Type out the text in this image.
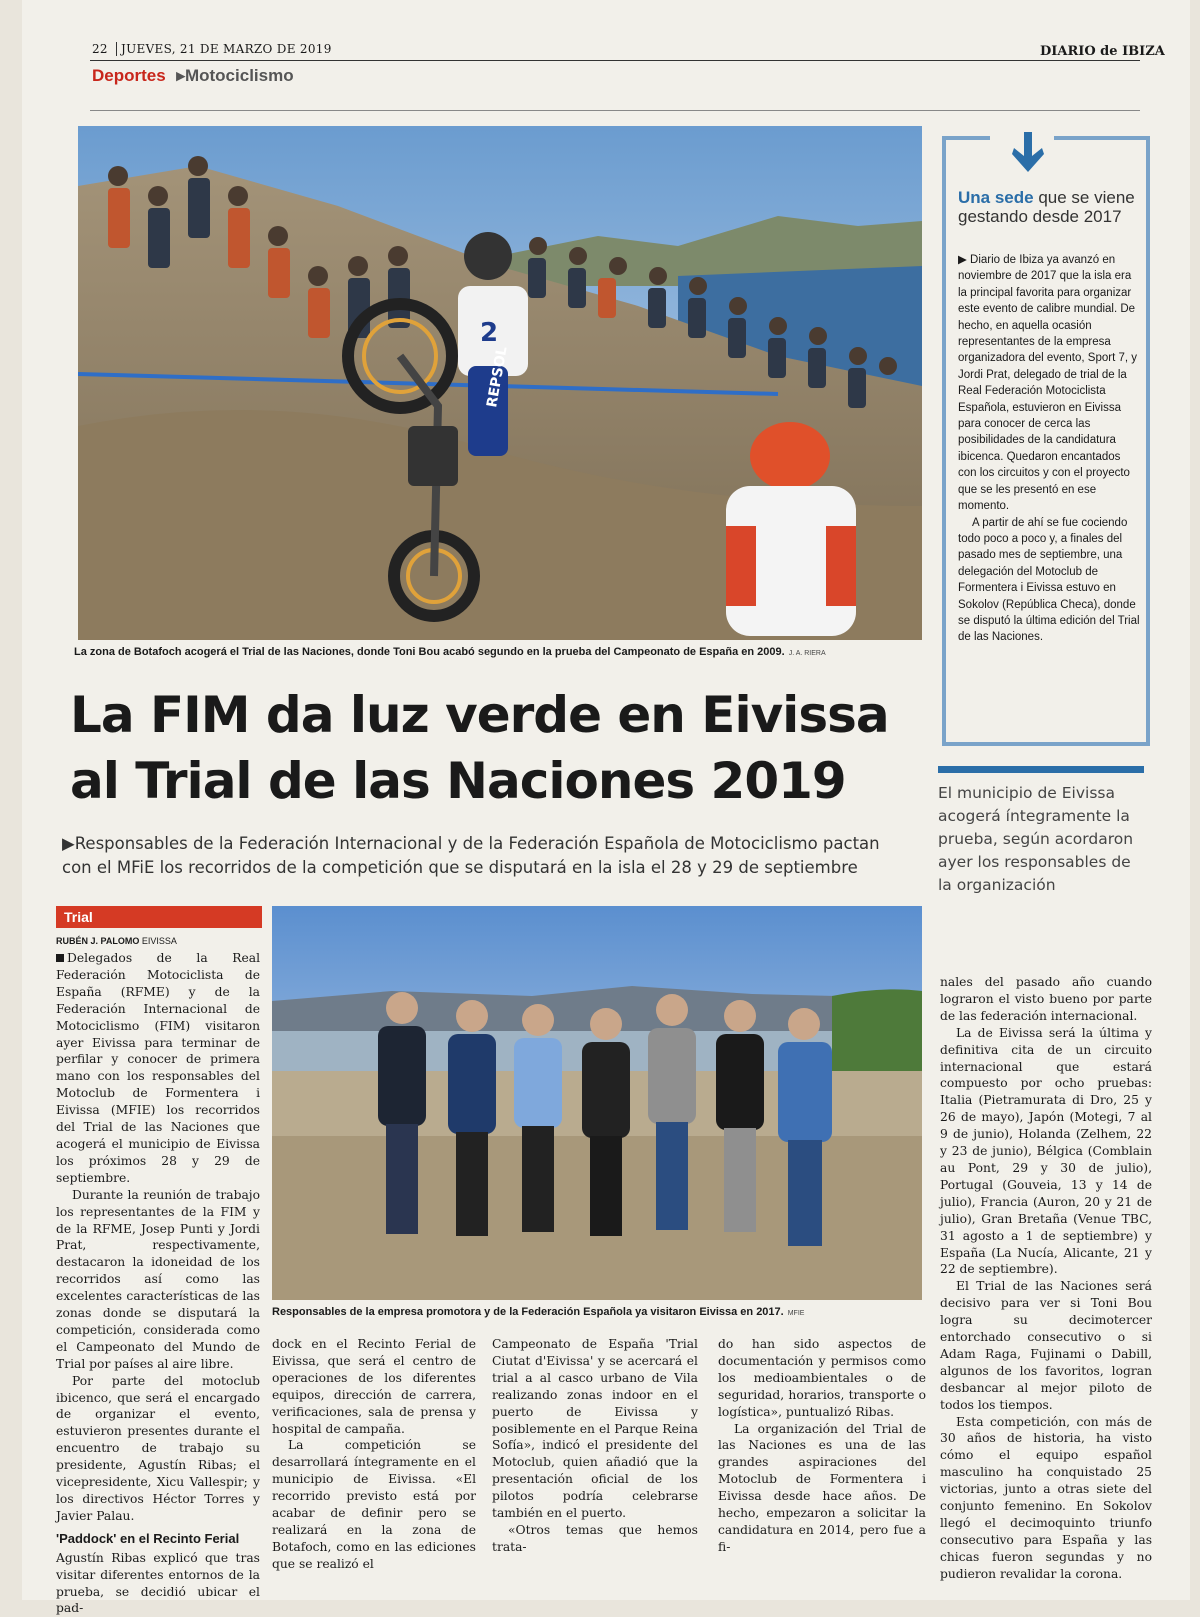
22 JUEVES, 21 DE MARZO DE 2019	DIARIO de IBIZA
Deportes ▸Motociclismo
2
REPSOL
La zona de Botafoch acogerá el Trial de las Naciones, donde Toni Bou acabó segundo en la prueba del Campeonato de España en 2009. J. A. RIERA
Una sede que se viene gestando desde 2017

▶ Diario de Ibiza ya avanzó en noviembre de 2017 que la isla era la principal favorita para organizar este evento de calibre mundial. De hecho, en aquella ocasión representantes de la empresa organizadora del evento, Sport 7, y Jordi Prat, delegado de trial de la Real Federación Motociclista Española, estuvieron en Eivissa para conocer de cerca las posibilidades de la candidatura ibicenca. Quedaron encantados con los circuitos y con el proyecto que se les presentó en ese momento.

A partir de ahí se fue cociendo todo poco a poco y, a finales del pasado mes de septiembre, una delegación del Motoclub de Formentera i Eivissa estuvo en Sokolov (República Checa), donde se disputó la última edición del Trial de las Naciones.

La FIM da luz verde en Eivissa al Trial de las Naciones 2019
▶Responsables de la Federación Internacional y de la Federación Española de Motociclismo pactan con el MFiE los recorridos de la competición que se disputará en la isla el 28 y 29 de septiembre
El municipio de Eivissa acogerá íntegramente la prueba, según acordaron ayer los responsables de la organización
Trial
RUBÉN J. PALOMO EIVISSA
Responsables de la empresa promotora y de la Federación Española ya visitaron Eivissa en 2017. MFIE

Delegados de la Real Federación Motociclista de España (RFME) y de la Federación Internacional de Motociclismo (FIM) visitaron ayer Eivissa para terminar de perfilar y conocer de primera mano con los responsables del Motoclub de Formentera i Eivissa (MFIE) los recorridos del Trial de las Naciones que acogerá el municipio de Eivissa los próximos 28 y 29 de septiembre.

Durante la reunión de trabajo los representantes de la FIM y de la RFME, Josep Punti y Jordi Prat, respectivamente, destacaron la idoneidad de los recorridos así como las excelentes características de las zonas donde se disputará la competición, considerada como el Campeonato del Mundo de Trial por países al aire libre.

Por parte del motoclub ibicenco, que será el encargado de organizar el evento, estuvieron presentes durante el encuentro de trabajo su presidente, Agustín Ribas; el vicepresidente, Xicu Vallespir; y los directivos Héctor Torres y Javier Palau.

'Paddock' en el Recinto Ferial

Agustín Ribas explicó que tras visitar diferentes entornos de la prueba, se decidió ubicar el pad-

dock en el Recinto Ferial de Eivissa, que será el centro de operaciones de los diferentes equipos, dirección de carrera, verificaciones, sala de prensa y hospital de campaña.

La competición se desarrollará íntegramente en el municipio de Eivissa. «El recorrido previsto está por acabar de definir pero se realizará en la zona de Botafoch, como en las ediciones que se realizó el

Campeonato de España 'Trial Ciutat d'Eivissa' y se acercará el trial a al casco urbano de Vila realizando zonas indoor en el puerto de Eivissa y posiblemente en el Parque Reina Sofía», indicó el presidente del Motoclub, quien añadió que la presentación oficial de los pilotos podría celebrarse también en el puerto.

«Otros temas que hemos trata-

do han sido aspectos de documentación y permisos como los medioambientales o de seguridad, horarios, transporte o logística», puntualizó Ribas.

La organización del Trial de las Naciones es una de las grandes aspiraciones del Motoclub de Formentera i Eivissa desde hace años. De hecho, empezaron a solicitar la candidatura en 2014, pero fue a fi-

nales del pasado año cuando lograron el visto bueno por parte de las federación internacional.

La de Eivissa será la última y definitiva cita de un circuito internacional que estará compuesto por ocho pruebas: Italia (Pietramurata di Dro, 25 y 26 de mayo), Japón (Motegi, 7 al 9 de junio), Holanda (Zelhem, 22 y 23 de junio), Bélgica (Comblain au Pont, 29 y 30 de julio), Portugal (Gouveia, 13 y 14 de julio), Francia (Auron, 20 y 21 de julio), Gran Bretaña (Venue TBC, 31 agosto a 1 de septiembre) y España (La Nucía, Alicante, 21 y 22 de septiembre).

El Trial de las Naciones será decisivo para ver si Toni Bou logra su decimotercer entorchado consecutivo o si Adam Raga, Fujinami o Dabill, algunos de los favoritos, logran desbancar al mejor piloto de todos los tiempos.

Esta competición, con más de 30 años de historia, ha visto cómo el equipo español masculino ha conquistado 25 victorias, junto a otras siete del conjunto femenino. En Sokolov llegó el decimoquinto triunfo consecutivo para España y las chicas fueron segundas y no pudieron revalidar la corona.
